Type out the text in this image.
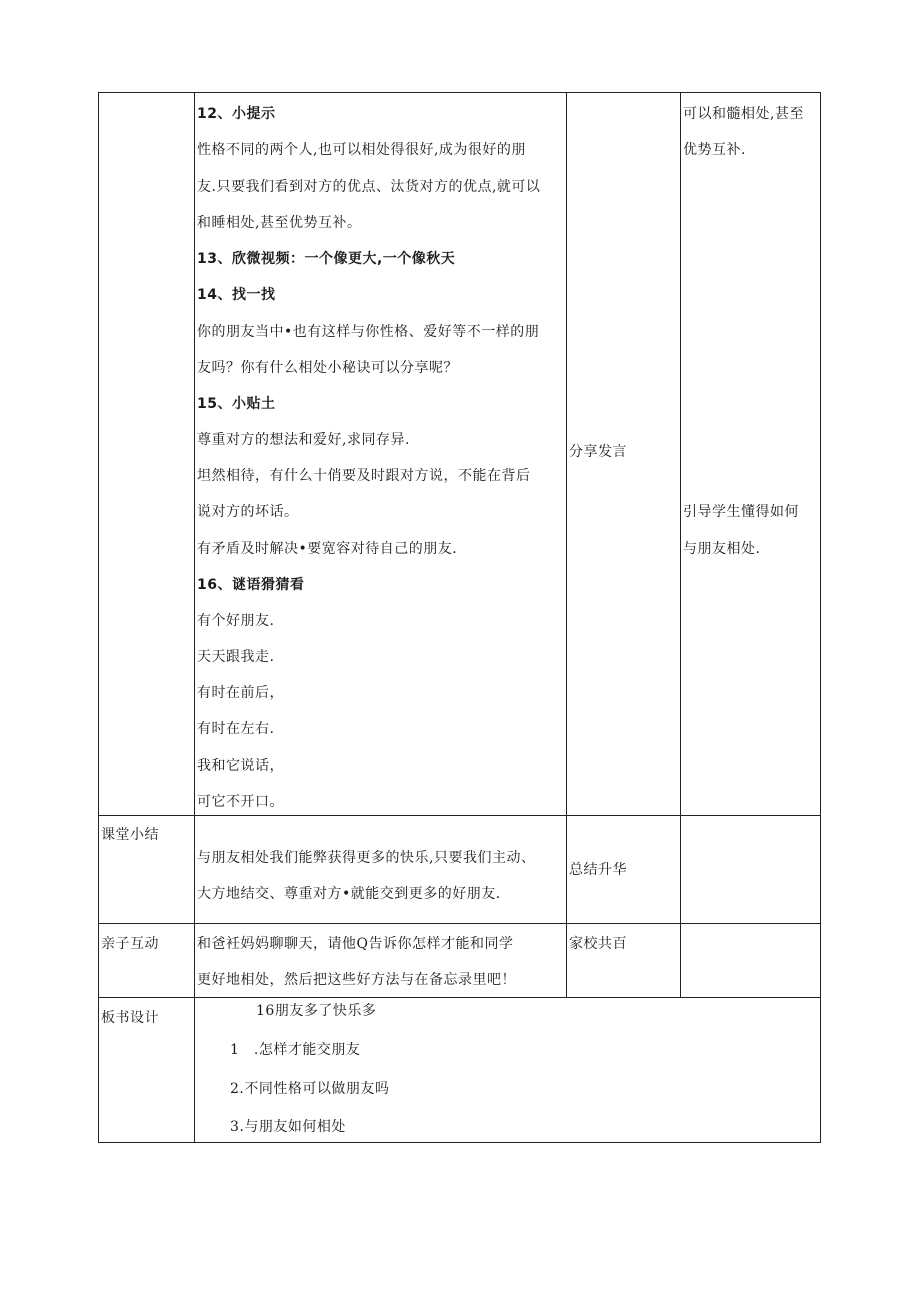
12、小提示
性格不同的两个人,也可以相处得很好,成为很好的朋
友.只要我们看到对方的优点、汰货对方的优点,就可以
和睡相处,甚至优势互补。
13、欣微视频：一个像更大,一个像秋天
14、找一找
你的朋友当中•也有这样与你性格、爱好等不一样的朋
友吗？你有什么相处小秘诀可以分享呢？
15、小贴土
尊重对方的想法和爱好,求同存异.
坦然相待，有什么十俏要及时跟对方说，不能在背后
说对方的坏话。
有矛盾及时解决•要宽容对待自己的朋友.
16、谜语猾猜看
有个好朋友.
天天跟我走.
有时在前后，
有时在左右.
我和它说话，
可它不开口。
分享发言
可以和髓相处,甚至
优势互补.
引导学生懂得如何
与朋友相处.
课堂小结
与朋友相处我们能弊获得更多的快乐,只要我们主动、
大方地结交、尊重对方•就能交到更多的好朋友.
总结升华
亲子互动	和爸衽妈妈聊聊天，请他Q告诉你怎样才能和同学
更好地相处，然后把这些好方法与在备忘录里吧！
家校共百
板书设计	16朋友多了快乐多
1　.怎样才能交朋友
2.不同性格可以做朋友吗
3.与朋友如何相处
